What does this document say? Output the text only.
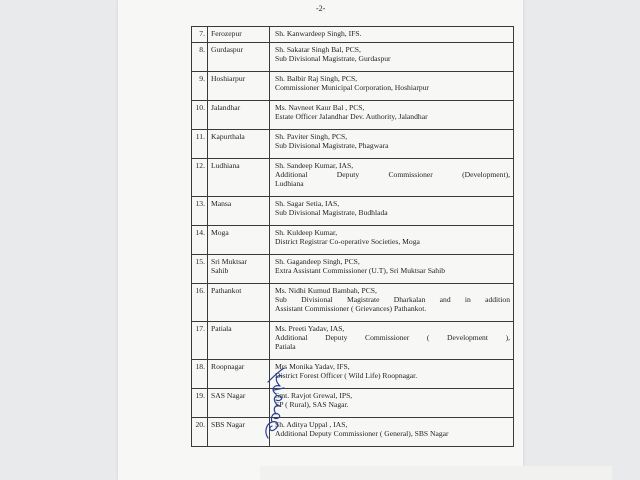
-2-
7.	Ferozepur	Sh. Kanwardeep Singh, IFS.

8.	Gurdaspur	Sh. Sakatar Singh Bal, PCS,
Sub Divisional Magistrate, Gurdaspur

9.	Hoshiarpur	Sh. Balbir Raj Singh, PCS,
Commissioner Municipal Corporation, Hoshiarpur

10.	Jalandhar	Ms. Navneet Kaur Bal , PCS,
Estate Officer Jalandhar Dev. Authority, Jalandhar

11.	Kapurthala	Sh. Paviter Singh, PCS,
Sub Divisional Magistrate, Phagwara

12.	Ludhiana	Sh. Sandeep Kumar, IAS,
Additional Deputy Commissioner (Development),
Ludhiana

13.	Mansa	Sh. Sagar Setia, IAS,
Sub Divisional Magistrate, Budhlada

14.	Moga	Sh. Kuldeep Kumar,
District Registrar Co-operative Societies, Moga

15.	Sri Muktsar Sahib	Sh. Gagandeep Singh, PCS,
Extra Assistant Commissioner (U.T), Sri Muktsar Sahib

16.	Pathankot	Ms. Nidhi Kumud Bambah, PCS,
Sub Divisional Magistrate Dharkalan and in addition
Assistant Commissioner ( Grievances) Pathankot.

17.	Patiala	Ms. Preeti Yadav, IAS,
Additional Deputy Commissioner ( Development ),
Patiala

18.	Roopnagar	Mrs Monika Yadav, IFS,
District Forest Officer ( Wild Life) Roopnagar.

19.	SAS Nagar	Smt. Ravjot Grewal, IPS,
SP ( Rural), SAS Nagar.

20.	SBS Nagar	Sh. Aditya Uppal , IAS,
Additional Deputy Commissioner ( General), SBS Nagar
